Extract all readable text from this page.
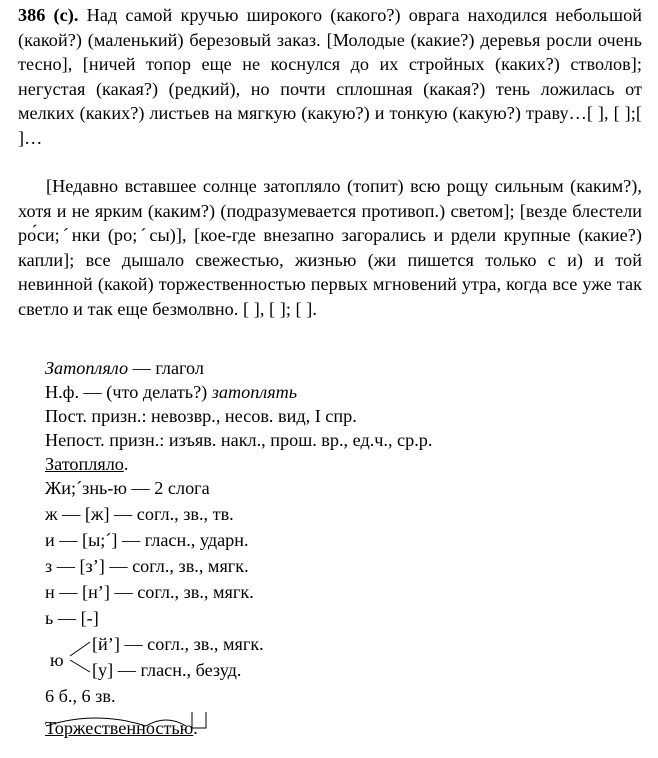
386 (с). Над самой кручью широкого (какого?) оврага находился небольшой (какой?) (маленький) березовый заказ. [Молодые (какие?) деревья росли очень тесно], [ничей топор еще не коснулся до их стройных (каких?) стволов]; негустая (какая?) (редкий), но почти сплошная (какая?) тень ложилась от мелких (каких?) листьев на мягкую (какую?) и тонкую (какую?) траву…[ ], [ ];[ ]…
[Недавно вставшее солнце затопляло (топит) всю рощу сильным (каким?), хотя и не ярким (каким?) (подразумевается противоп.) светом]; [везде блестели ро́си;ˊнки (ро;ˊсы)], [кое-где внезапно загорались и рдели крупные (какие?) капли]; все дышало свежестью, жизнью (жи пишется только с и) и той невинной (какой) торжественностью первых мгновений утра, когда все уже так светло и так еще безмолвно. [ ], [ ]; [ ].
Затопляло — глагол
Н.ф. — (что делать?) затоплять
Пост. призн.: невозвр., несов. вид, I спр.
Непост. призн.: изъяв. накл., прош. вр., ед.ч., ср.р.
Затопляло.
Жи;ˊзнь-ю — 2 слога
ж — [ж] — согл., зв., тв.
и — [ы;ˊ] — гласн., ударн.
з — [з’] — согл., зв., мягк.
н — [н’] — согл., зв., мягк.
ь — [-]
[й’] — согл., зв., мягк.
ю [у] — гласн., безуд.
6 б., 6 зв.
Торжественностью.
